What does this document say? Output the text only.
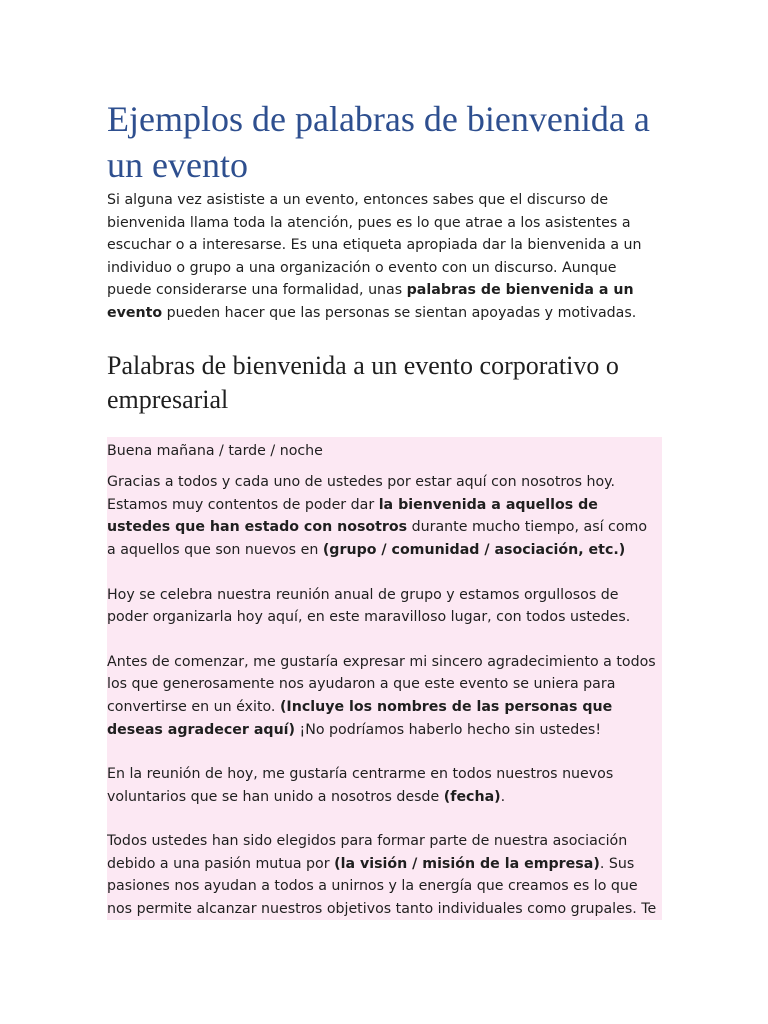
Ejemplos de palabras de bienvenida a un evento

Si alguna vez asististe a un evento, entonces sabes que el discurso de bienvenida llama toda la atención, pues es lo que atrae a los asistentes a escuchar o a interesarse. Es una etiqueta apropiada dar la bienvenida a un individuo o grupo a una organización o evento con un discurso. Aunque puede considerarse una formalidad, unas palabras de bienvenida a un evento pueden hacer que las personas se sientan apoyadas y motivadas.

Palabras de bienvenida a un evento corporativo o empresarial

Buena mañana / tarde / noche

Gracias a todos y cada uno de ustedes por estar aquí con nosotros hoy. Estamos muy contentos de poder dar la bienvenida a aquellos de ustedes que han estado con nosotros durante mucho tiempo, así como a aquellos que son nuevos en (grupo / comunidad / asociación, etc.)

Hoy se celebra nuestra reunión anual de grupo y estamos orgullosos de poder organizarla hoy aquí, en este maravilloso lugar, con todos ustedes.

Antes de comenzar, me gustaría expresar mi sincero agradecimiento a todos los que generosamente nos ayudaron a que este evento se uniera para convertirse en un éxito. (Incluye los nombres de las personas que deseas agradecer aquí) ¡No podríamos haberlo hecho sin ustedes!

En la reunión de hoy, me gustaría centrarme en todos nuestros nuevos voluntarios que se han unido a nosotros desde (fecha).

Todos ustedes han sido elegidos para formar parte de nuestra asociación debido a una pasión mutua por (la visión / misión de la empresa). Sus pasiones nos ayudan a todos a unirnos y la energía que creamos es lo que nos permite alcanzar nuestros objetivos tanto individuales como grupales. Te
